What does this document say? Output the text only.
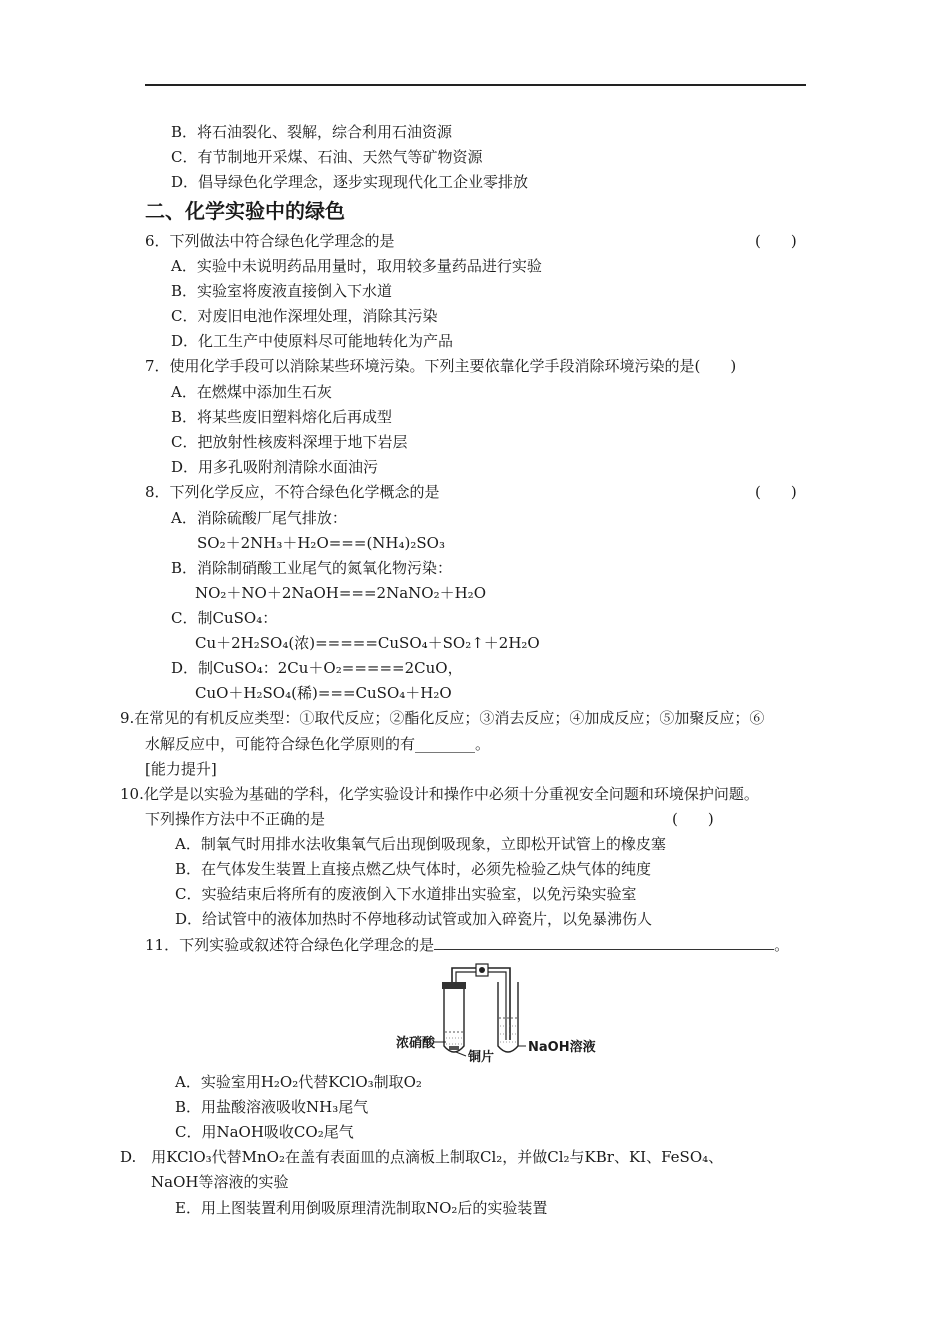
B．将石油裂化、裂解，综合利用石油资源
C．有节制地开采煤、石油、天然气等矿物资源
D．倡导绿色化学理念，逐步实现现代化工企业零排放
二、化学实验中的绿色
6．下列做法中符合绿色化学理念的是	(　　)
A．实验中未说明药品用量时，取用较多量药品进行实验
B．实验室将废液直接倒入下水道
C．对废旧电池作深埋处理，消除其污染
D．化工生产中使原料尽可能地转化为产品
7．使用化学手段可以消除某些环境污染。下列主要依靠化学手段消除环境污染的是(　　)
A．在燃煤中添加生石灰
B．将某些废旧塑料熔化后再成型
C．把放射性核废料深埋于地下岩层
D．用多孔吸附剂清除水面油污
8．下列化学反应，不符合绿色化学概念的是	(　　)
A．消除硫酸厂尾气排放：
SO₂＋2NH₃＋H₂O===(NH₄)₂SO₃
B．消除制硝酸工业尾气的氮氧化物污染：
NO₂＋NO＋2NaOH===2NaNO₂＋H₂O
C．制CuSO₄：
Cu＋2H₂SO₄(浓)=====CuSO₄＋SO₂↑＋2H₂O
D．制CuSO₄：2Cu＋O₂=====2CuO，
CuO＋H₂SO₄(稀)===CuSO₄＋H₂O
9.在常见的有机反应类型：①取代反应；②酯化反应；③消去反应；④加成反应；⑤加聚反应；⑥
水解反应中，可能符合绿色化学原则的有________。
[能力提升]
10.化学是以实验为基础的学科，化学实验设计和操作中必须十分重视安全问题和环境保护问题。
下列操作方法中不正确的是	(　　)
A．制氧气时用排水法收集氧气后出现倒吸现象，立即松开试管上的橡皮塞
B．在气体发生装置上直接点燃乙炔气体时，必须先检验乙炔气体的纯度
C．实验结束后将所有的废液倒入下水道排出实验室，以免污染实验室
D．给试管中的液体加热时不停地移动试管或加入碎瓷片，以免暴沸伤人
11．下列实验或叙述符合绿色化学理念的是	。
浓硝酸
铜片
NaOH溶液
A．实验室用H₂O₂代替KClO₃制取O₂
B．用盐酸溶液吸收NH₃尾气
C．用NaOH吸收CO₂尾气
D.　用KClO₃代替MnO₂在盖有表面皿的点滴板上制取Cl₂，并做Cl₂与KBr、KI、FeSO₄、
NaOH等溶液的实验
E．用上图装置利用倒吸原理清洗制取NO₂后的实验装置
